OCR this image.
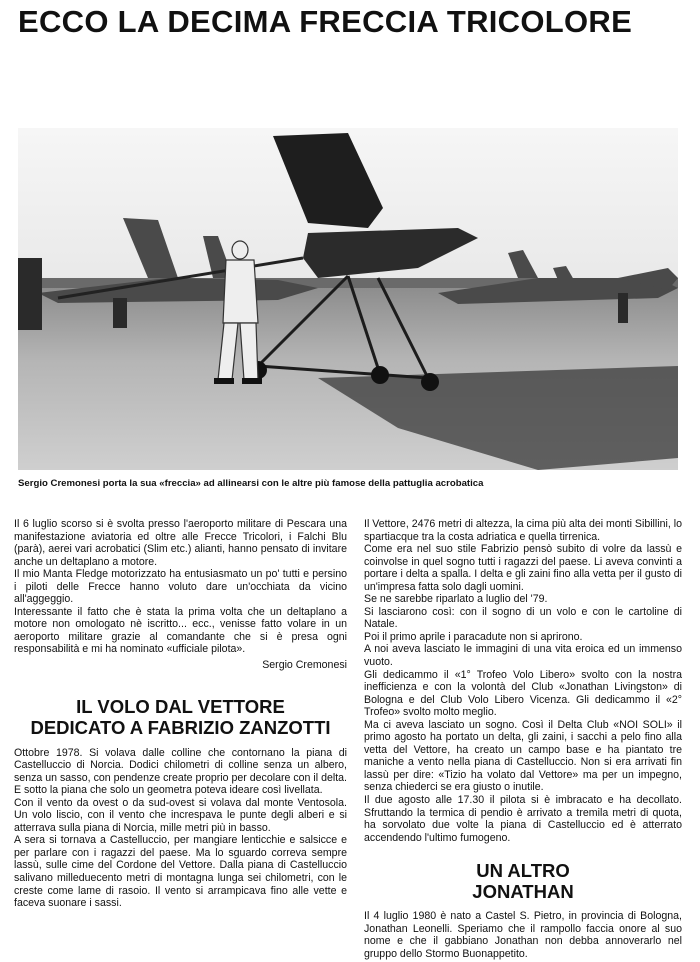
ECCO LA DECIMA FRECCIA TRICOLORE
Sergio Cremonesi porta la sua «freccia» ad allinearsi con le altre più famose della pattuglia acrobatica

Il 6 luglio scorso si è svolta presso l'aeroporto militare di Pescara una manifestazione aviatoria ed oltre alle Frecce Tricolori, i Falchi Blu (parà), aerei vari acrobatici (Slim etc.) alianti, hanno pensato di invitare anche un deltaplano a motore.

Il mio Manta Fledge motorizzato ha entusiasmato un po' tutti e persino i piloti delle Frecce hanno voluto dare un'occhiata da vicino all'aggeggio.

Interessante il fatto che è stata la prima volta che un deltaplano a motore non omologato nè iscritto... ecc., venisse fatto volare in un aeroporto militare grazie al comandante che si è presa ogni responsabilità e mi ha nominato «ufficiale pilota».

Sergio Cremonesi

IL VOLO DAL VETTORE
DEDICATO A FABRIZIO ZANZOTTI

Ottobre 1978. Si volava dalle colline che contornano la piana di Castelluccio di Norcia. Dodici chilometri di colline senza un albero, senza un sasso, con pendenze create proprio per decolare con il delta. E sotto la piana che solo un geometra poteva ideare così livellata.

Con il vento da ovest o da sud-ovest si volava dal monte Ventosola. Un volo liscio, con il vento che increspava le punte degli alberi e si atterrava sulla piana di Norcia, mille metri più in basso.

A sera si tornava a Castelluccio, per mangiare lenticchie e salsicce e per parlare con i ragazzi del paese. Ma lo sguardo correva sempre lassù, sulle cime del Cordone del Vettore. Dalla piana di Castelluccio salivano milleduecento metri di montagna lunga sei chilometri, con le creste come lame di rasoio. Il vento si arrampicava fino alle vette e faceva suonare i sassi.

Il Vettore, 2476 metri di altezza, la cima più alta dei monti Sibillini, lo spartiacque tra la costa adriatica e quella tirrenica.

Come era nel suo stile Fabrizio pensò subito di volre da lassù e coinvolse in quel sogno tutti i ragazzi del paese. Li aveva convinti a portare i delta a spalla. I delta e gli zaini fino alla vetta per il gusto di un'impresa fatta solo dagli uomini.

Se ne sarebbe riparlato a luglio del '79.

Si lasciarono così: con il sogno di un volo e con le cartoline di Natale.

Poi il primo aprile i paracadute non si aprirono.

A noi aveva lasciato le immagini di una vita eroica ed un immenso vuoto.

Gli dedicammo il «1° Trofeo Volo Libero» svolto con la nostra inefficienza e con la volontà del Club «Jonathan Livingston» di Bologna e del Club Volo Libero Vicenza. Gli dedicammo il «2° Trofeo» svolto molto meglio.

Ma ci aveva lasciato un sogno. Così il Delta Club «NOI SOLI» il primo agosto ha portato un delta, gli zaini, i sacchi a pelo fino alla vetta del Vettore, ha creato un campo base e ha piantato tre maniche a vento nella piana di Castelluccio. Non si era arrivati fin lassù per dire: «Tizio ha volato dal Vettore» ma per un impegno, senza chiederci se era giusto o inutile.

Il due agosto alle 17.30 il pilota si è imbracato e ha decollato. Sfruttando la termica di pendio è arrivato a tremila metri di quota, ha sorvolato due volte la piana di Castelluccio ed è atterrato accendendo l'ultimo fumogeno.

UN ALTRO
JONATHAN

Il 4 luglio 1980 è nato a Castel S. Pietro, in provincia di Bologna, Jonathan Leonelli. Speriamo che il rampollo faccia onore al suo nome e che il gabbiano Jonathan non debba annoverarlo nel gruppo dello Stormo Buonappetito.
